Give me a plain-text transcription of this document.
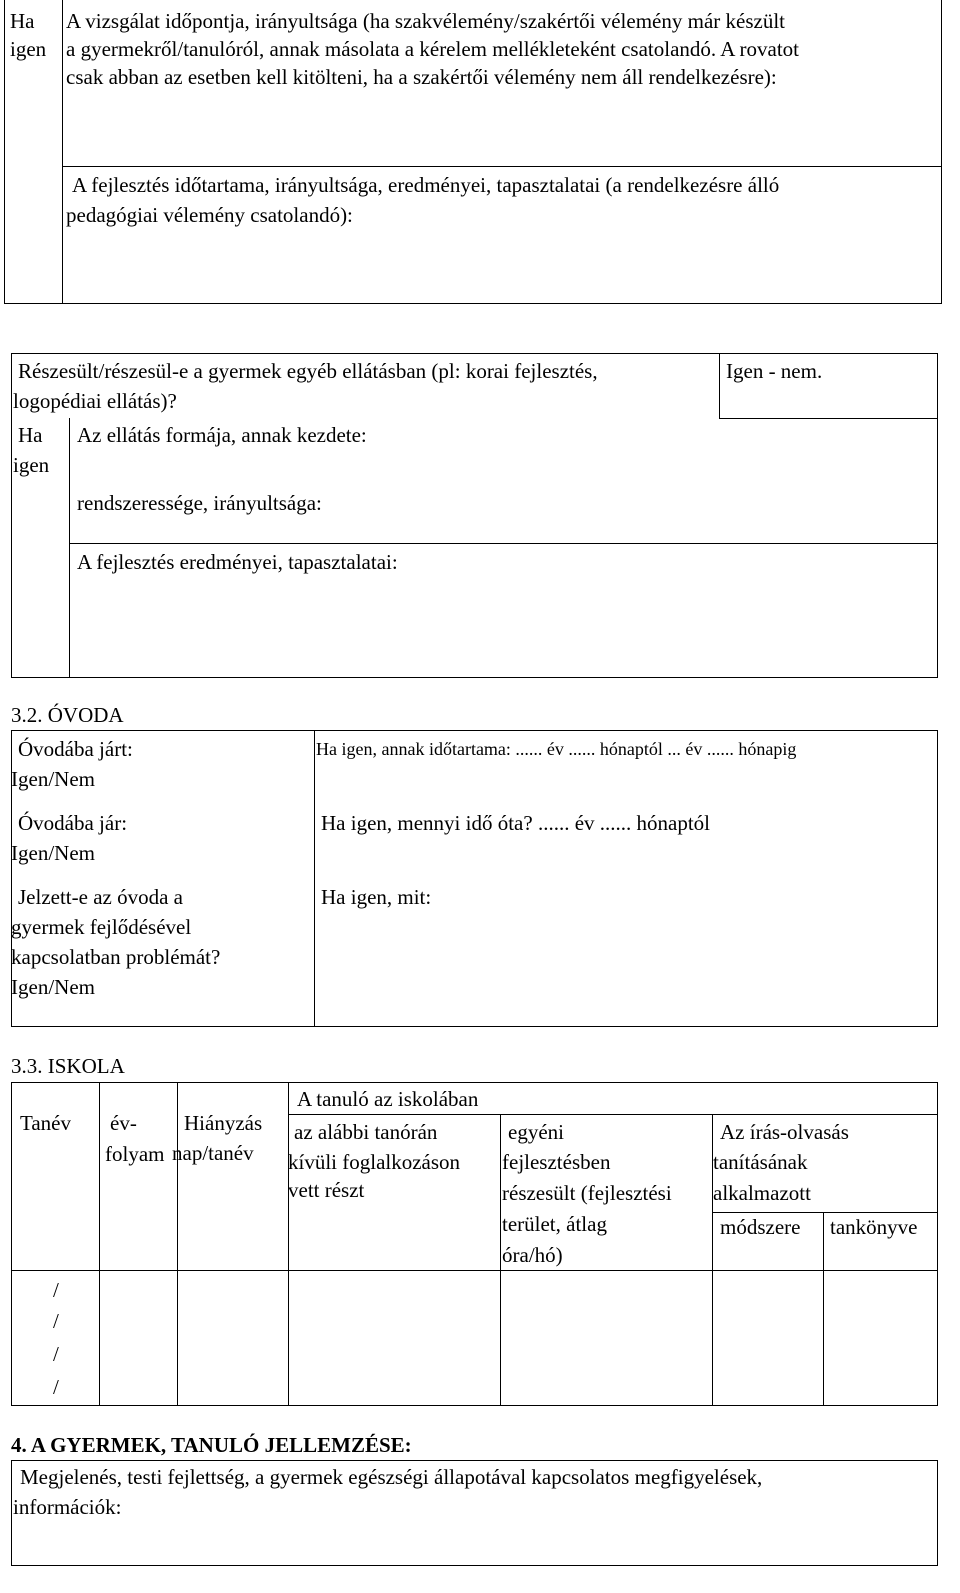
Ha
igen
A vizsgálat időpontja, irányultsága (ha szakvélemény/szakértői vélemény már készült
a gyermekről/tanulóról, annak másolata a kérelem mellékleteként csatolandó. A rovatot
csak abban az esetben kell kitölteni, ha a szakértői vélemény nem áll rendelkezésre):
A fejlesztés időtartama, irányultsága, eredményei, tapasztalatai (a rendelkezésre álló
pedagógiai vélemény csatolandó):
Részesült/részesül-e a gyermek egyéb ellátásban (pl: korai fejlesztés,
logopédiai ellátás)?
Igen - nem.
Ha
igen
Az ellátás formája, annak kezdete:
rendszeressége, irányultsága:
A fejlesztés eredményei, tapasztalatai:
3.2. ÓVODA
Óvodába járt:
Igen/Nem
Ha igen, annak időtartama: ...... év ...... hónaptól ... év ...... hónapig
Óvodába jár:
Igen/Nem
Ha igen, mennyi idő óta? ...... év ...... hónaptól
Jelzett-e az óvoda a
gyermek fejlődésével
kapcsolatban problémát?
Igen/Nem
Ha igen, mit:
3.3. ISKOLA
Tanév év-
folyam
Hiányzás
nap/tanév
A tanuló az iskolában
az alábbi tanórán
kívüli foglalkozáson
vett részt
egyéni
fejlesztésben
részesült (fejlesztési
terület, átlag
óra/hó)
Az írás-olvasás
tanításának
alkalmazott
módszere tankönyve
/
/
/
/
4. A GYERMEK, TANULÓ JELLEMZÉSE:
Megjelenés, testi fejlettség, a gyermek egészségi állapotával kapcsolatos megfigyelések,
információk:
